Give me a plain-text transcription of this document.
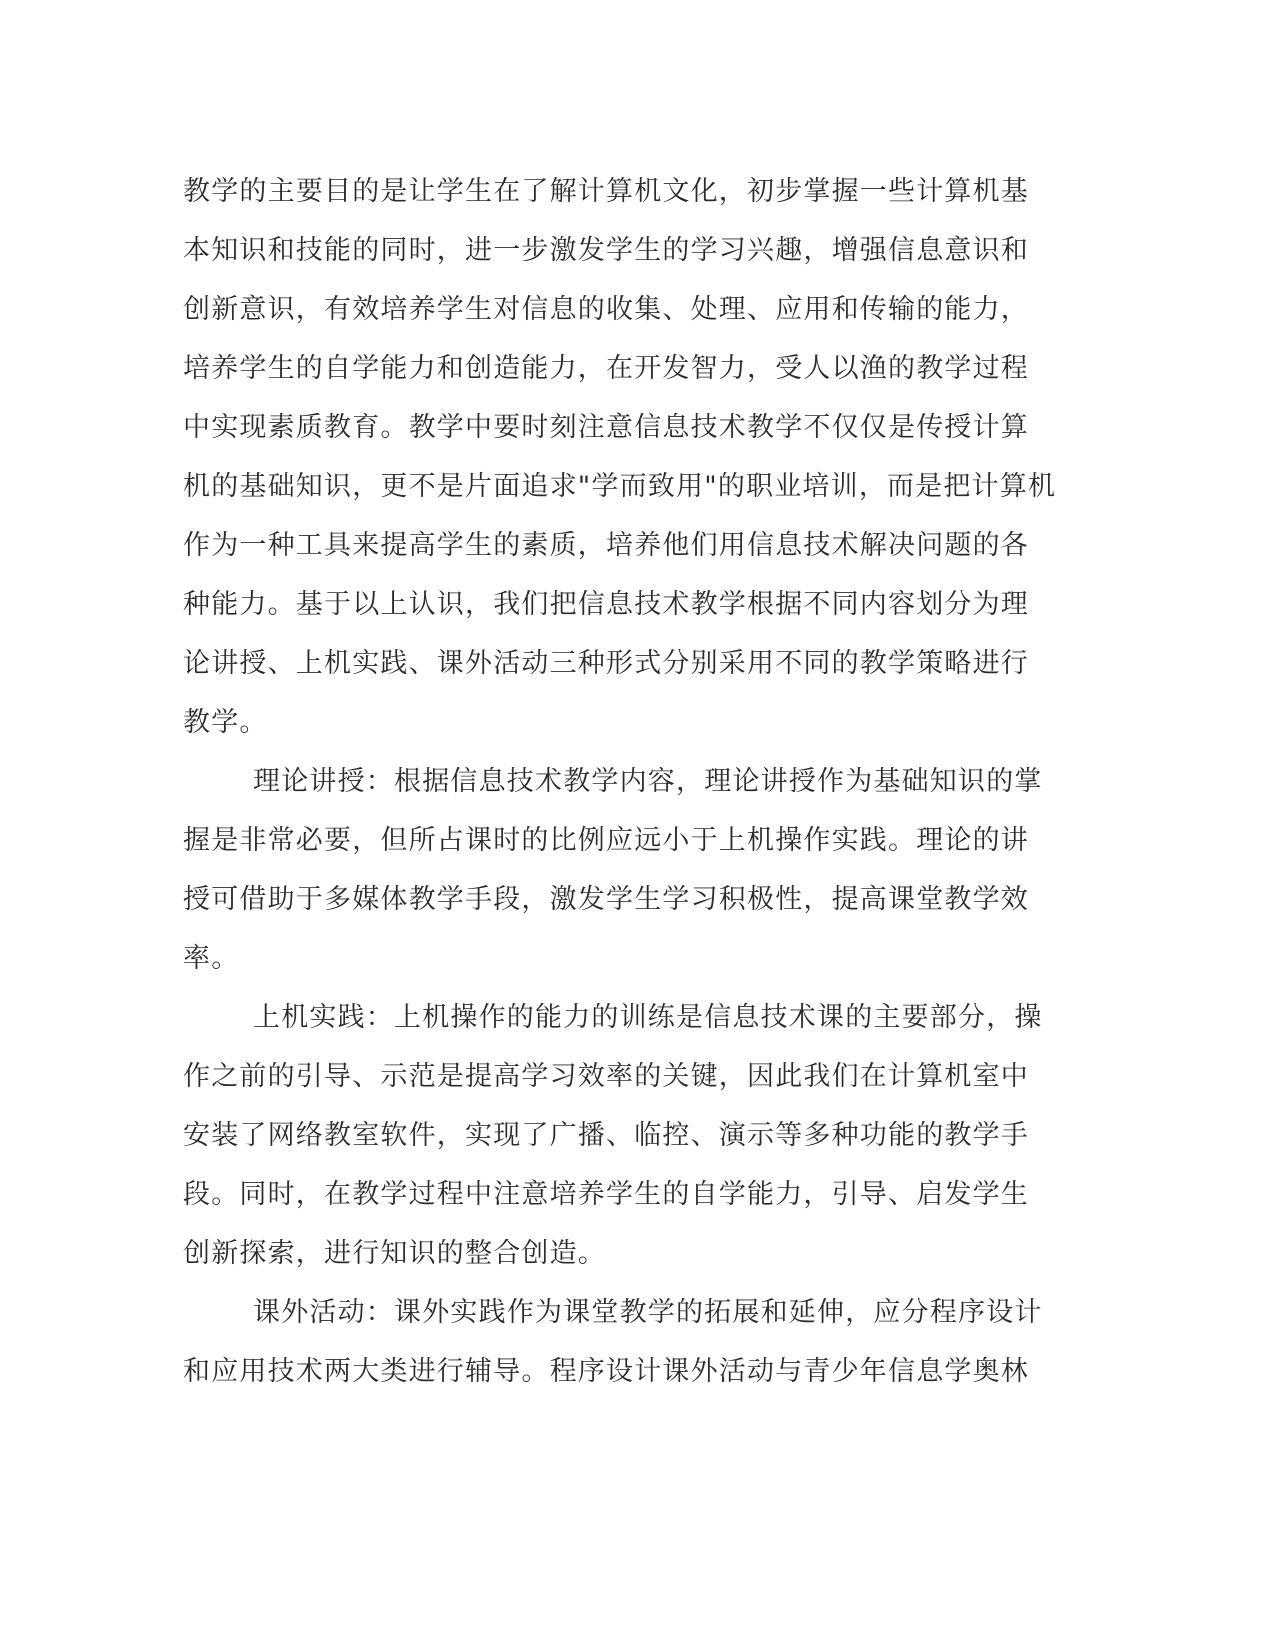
教学的主要目的是让学生在了解计算机文化，初步掌握一些计算机基
本知识和技能的同时，进一步激发学生的学习兴趣，增强信息意识和
创新意识，有效培养学生对信息的收集、处理、应用和传输的能力，
培养学生的自学能力和创造能力，在开发智力，受人以渔的教学过程
中实现素质教育。教学中要时刻注意信息技术教学不仅仅是传授计算
机的基础知识，更不是片面追求"学而致用"的职业培训，而是把计算机
作为一种工具来提高学生的素质，培养他们用信息技术解决问题的各
种能力。基于以上认识，我们把信息技术教学根据不同内容划分为理
论讲授、上机实践、课外活动三种形式分别采用不同的教学策略进行
教学。
理论讲授：根据信息技术教学内容，理论讲授作为基础知识的掌
握是非常必要，但所占课时的比例应远小于上机操作实践。理论的讲
授可借助于多媒体教学手段，激发学生学习积极性，提高课堂教学效
率。
上机实践：上机操作的能力的训练是信息技术课的主要部分，操
作之前的引导、示范是提高学习效率的关键，因此我们在计算机室中
安装了网络教室软件，实现了广播、临控、演示等多种功能的教学手
段。同时，在教学过程中注意培养学生的自学能力，引导、启发学生
创新探索，进行知识的整合创造。
课外活动：课外实践作为课堂教学的拓展和延伸，应分程序设计
和应用技术两大类进行辅导。程序设计课外活动与青少年信息学奥林
